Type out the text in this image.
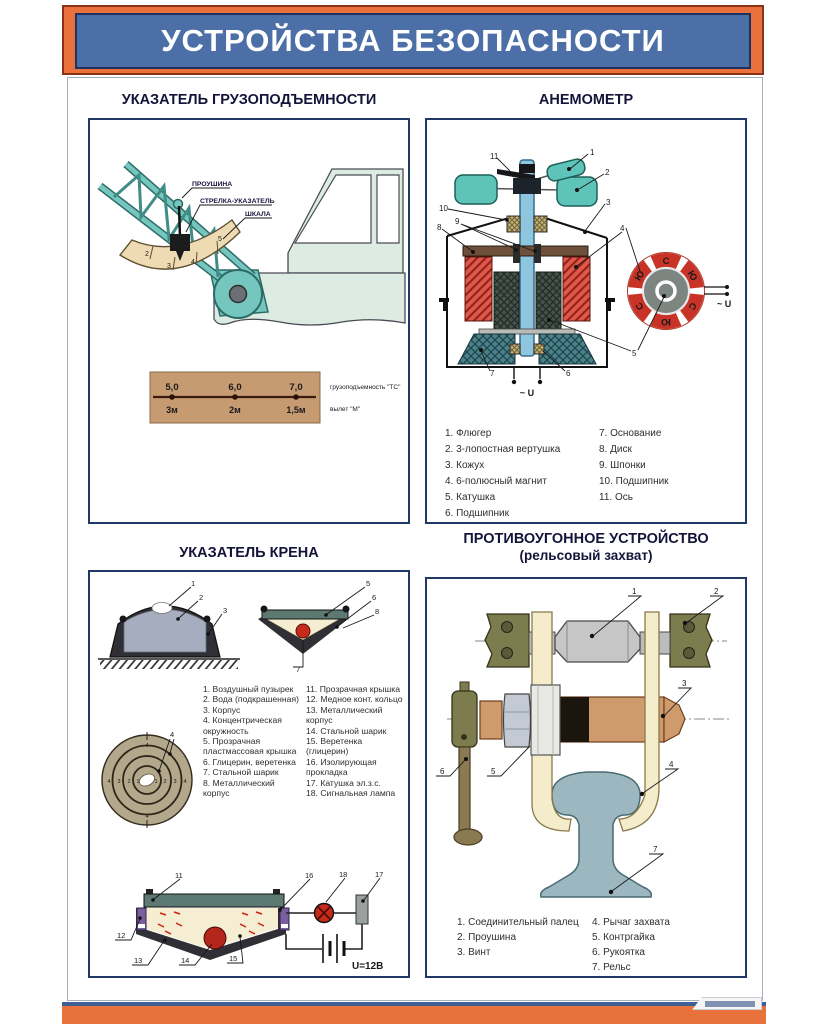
УСТРОЙСТВА БЕЗОПАСНОСТИ
УКАЗАТЕЛЬ ГРУЗОПОДЪЕМНОСТИ	АНЕМОМЕТР
УКАЗАТЕЛЬ КРЕНА
ПРОТИВОУГОННОЕ УСТРОЙСТВО
(рельсовый захват)
2
3
4
5
ПРОУШИНА
СТРЕЛКА-УКАЗАТЕЛЬ
ШКАЛА
5,0	6,0	7,0
3м	2м	1,5м
грузоподъемность "ТС"
вылет "М"
~ U
С
Ю
С
Ю
С
Ю
~ U
1
2
3
4
5
6
7
8
9
10
11
1. Флюгер
2. 3-лопостная вертушка
3. Кожух
4. 6-полюсный магнит
5. Катушка
6. Подшипник
7. Основание
8. Диск
9. Шпонки
10. Подшипник
11. Ось
1
2
3
5
6
8
7
4 3 2 1	1 2 3 4
4
4
4
U=12В
11	16	18	17
12
13	14	15
1. Воздушный пузырек
2. Вода (подкрашенная)
3. Корпус
4. Концентрическая окружность
5. Прозрачная пластмассовая крышка
6. Глицерин, веретенка
7. Стальной шарик
8. Металлический корпус
11. Прозрачная крышка
12. Медное конт. кольцо
13. Металлический корпус
14. Стальной шарик
15. Веретенка (глицерин)
16. Изолирующая прокладка
17. Катушка эл.з.с.
18. Сигнальная лампа
1	2
3
4
5
6
7
1. Соединительный палец
2. Проушина
3. Винт
4. Рычаг захвата
5. Контргайка
6. Рукоятка
7. Рельс
